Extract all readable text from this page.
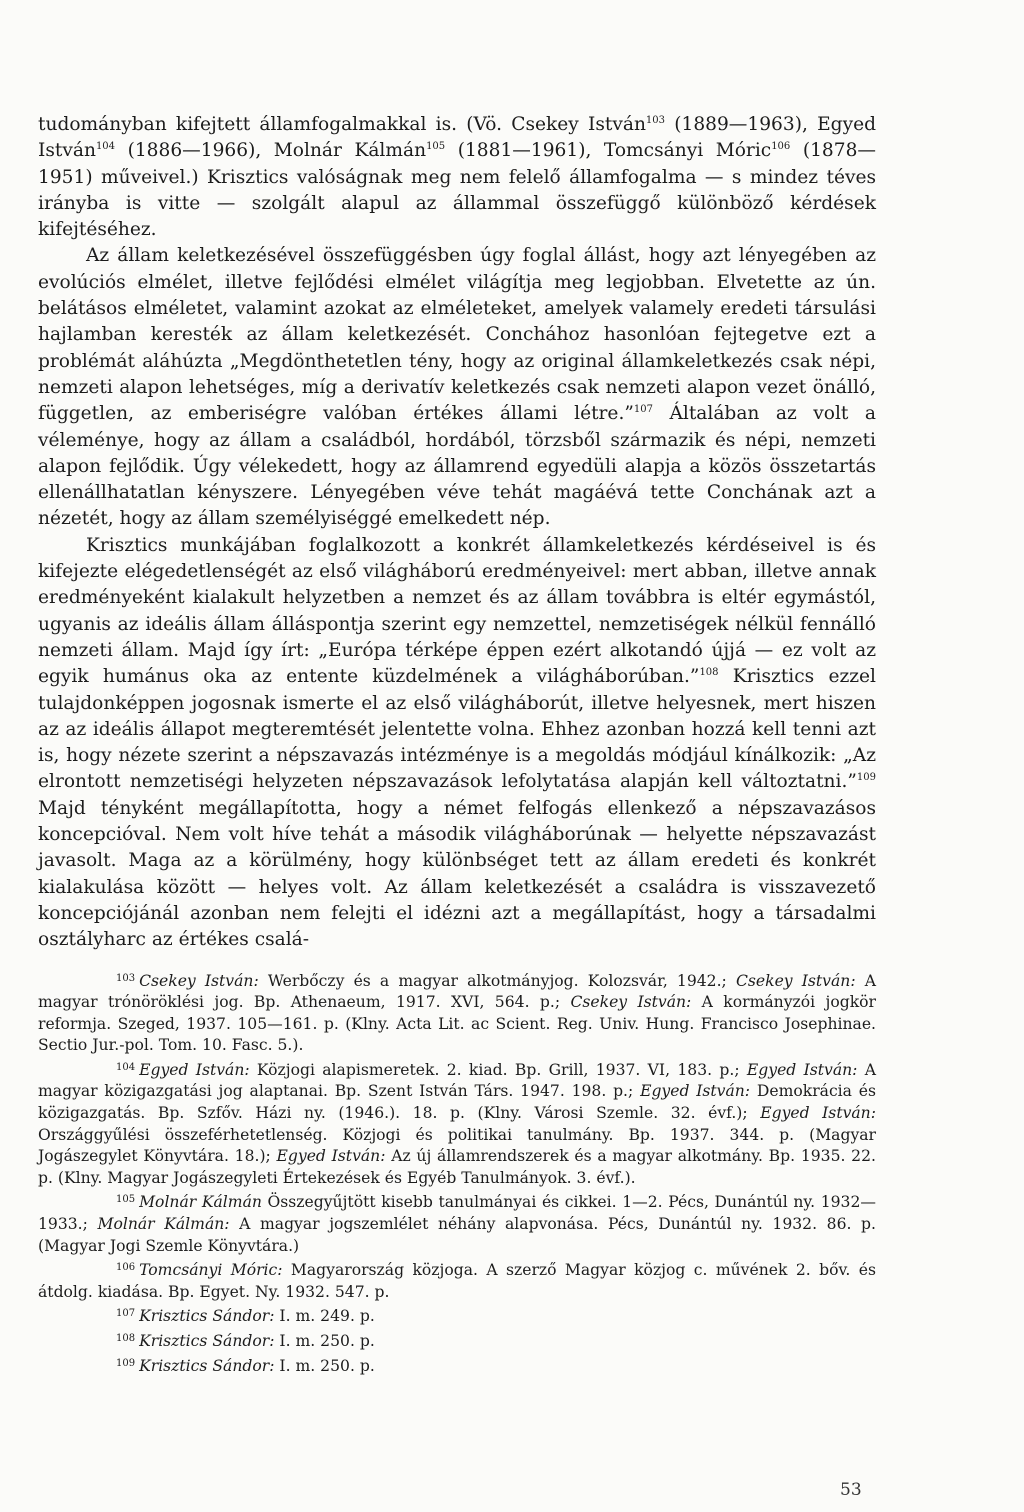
tudományban kifejtett államfogalmakkal is. (Vö. Csekey István$^{103}$ (1889—1963), Egyed István$^{104}$ (1886—1966), Molnár Kálmán$^{105}$ (1881—1961), Tomcsányi Móric$^{106}$ (1878—1951) műveivel.) Krisztics valóságnak meg nem felelő államfogalma — s mindez téves irányba is vitte — szolgált alapul az állammal összefüggő különböző kérdések kifejtéséhez.

Az állam keletkezésével összefüggésben úgy foglal állást, hogy azt lényegében az evolúciós elmélet, illetve fejlődési elmélet világítja meg legjobban. Elvetette az ún. belátásos elméletet, valamint azokat az elméleteket, amelyek valamely eredeti társulási hajlamban keresték az állam keletkezését. Conchához hasonlóan fejtegetve ezt a problémát aláhúzta „Megdönthetetlen tény, hogy az original államkeletkezés csak népi, nemzeti alapon lehetséges, míg a derivatív keletkezés csak nemzeti alapon vezet önálló, független, az emberiségre valóban értékes állami létre.”$^{107}$ Általában az volt a véleménye, hogy az állam a családból, hordából, törzsből származik és népi, nemzeti alapon fejlődik. Úgy vélekedett, hogy az államrend egyedüli alapja a közös összetartás ellenállhatatlan kényszere. Lényegében véve tehát magáévá tette Conchának azt a nézetét, hogy az állam személyiséggé emelkedett nép.

Krisztics munkájában foglalkozott a konkrét államkeletkezés kérdéseivel is és kifejezte elégedetlenségét az első világháború eredményeivel: mert abban, illetve annak eredményeként kialakult helyzetben a nemzet és az állam továbbra is eltér egymástól, ugyanis az ideális állam álláspontja szerint egy nemzettel, nemzetiségek nélkül fennálló nemzeti állam. Majd így írt: „Európa térképe éppen ezért alkotandó újjá — ez volt az egyik humánus oka az entente küzdelmének a világháborúban.”$^{108}$ Krisztics ezzel tulajdonképpen jogosnak ismerte el az első világháborút, illetve helyesnek, mert hiszen az az ideális állapot megteremtését jelentette volna. Ehhez azonban hozzá kell tenni azt is, hogy nézete szerint a népszavazás intézménye is a megoldás módjául kínálkozik: „Az elrontott nemzetiségi helyzeten népszavazások lefolytatása alapján kell változtatni.”$^{109}$ Majd tényként megállapította, hogy a német felfogás ellenkező a népszavazásos koncepcióval. Nem volt híve tehát a második világháborúnak — helyette népszavazást javasolt. Maga az a körülmény, hogy különbséget tett az állam eredeti és konkrét kialakulása között — helyes volt. Az állam keletkezését a családra is visszavezető koncepciójánál azonban nem felejti el idézni azt a megállapítást, hogy a társadalmi osztályharc az értékes csalá-

$^{103}$ Csekey István: Werbőczy és a magyar alkotmányjog. Kolozsvár, 1942.; Csekey István: A magyar trónöröklési jog. Bp. Athenaeum, 1917. XVI, 564. p.; Csekey István: A kormányzói jogkör reformja. Szeged, 1937. 105—161. p. (Klny. Acta Lit. ac Scient. Reg. Univ. Hung. Francisco Josephinae. Sectio Jur.-pol. Tom. 10. Fasc. 5.).

$^{104}$ Egyed István: Közjogi alapismeretek. 2. kiad. Bp. Grill, 1937. VI, 183. p.; Egyed István: A magyar közigazgatási jog alaptanai. Bp. Szent István Társ. 1947. 198. p.; Egyed István: Demokrácia és közigazgatás. Bp. Szfőv. Házi ny. (1946.). 18. p. (Klny. Városi Szemle. 32. évf.); Egyed István: Országgyűlési összeférhetetlenség. Közjogi és politikai tanulmány. Bp. 1937. 344. p. (Magyar Jogászegylet Könyvtára. 18.); Egyed István: Az új államrendszerek és a magyar alkotmány. Bp. 1935. 22. p. (Klny. Magyar Jogászegyleti Értekezések és Egyéb Tanulmányok. 3. évf.).

$^{105}$ Molnár Kálmán Összegyűjtött kisebb tanulmányai és cikkei. 1—2. Pécs, Dunántúl ny. 1932—1933.; Molnár Kálmán: A magyar jogszemlélet néhány alapvonása. Pécs, Dunántúl ny. 1932. 86. p. (Magyar Jogi Szemle Könyvtára.)

$^{106}$ Tomcsányi Móric: Magyarország közjoga. A szerző Magyar közjog c. művének 2. bőv. és átdolg. kiadása. Bp. Egyet. Ny. 1932. 547. p.

$^{107}$ Krisztics Sándor: I. m. 249. p.

$^{108}$ Krisztics Sándor: I. m. 250. p.

$^{109}$ Krisztics Sándor: I. m. 250. p.

53
